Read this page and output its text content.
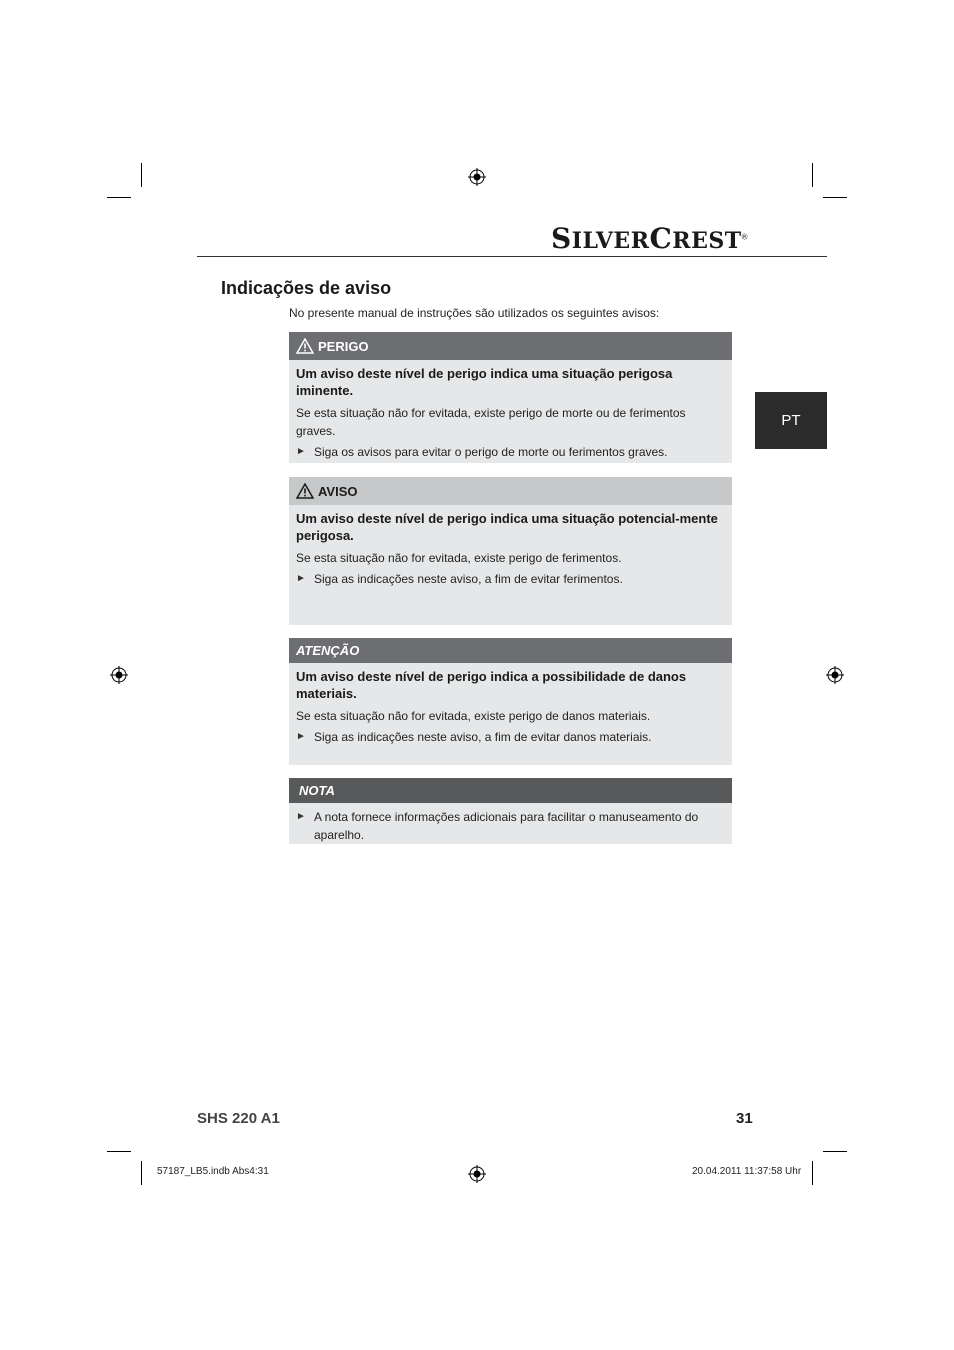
SILVERCREST®
PT
Indicações de aviso
No presente manual de instruções são utilizados os seguintes avisos:
PERIGO
Um aviso deste nível de perigo indica uma situação perigosa iminente.
Se esta situação não for evitada, existe perigo de morte ou de ferimentos graves.
► Siga os avisos para evitar o perigo de morte ou ferimentos graves.
AVISO
Um aviso deste nível de perigo indica uma situação potencial-mente perigosa.
Se esta situação não for evitada, existe perigo de ferimentos.
► Siga as indicações neste aviso, a fim de evitar ferimentos.
ATENÇÃO
Um aviso deste nível de perigo indica a possibilidade de danos materiais.
Se esta situação não for evitada, existe perigo de danos materiais.
► Siga as indicações neste aviso, a fim de evitar danos materiais.
NOTA
► A nota fornece informações adicionais para facilitar o manuseamento do aparelho.
SHS 220 A1	31
57187_LB5.indb Abs4:31	20.04.2011 11:37:58 Uhr
